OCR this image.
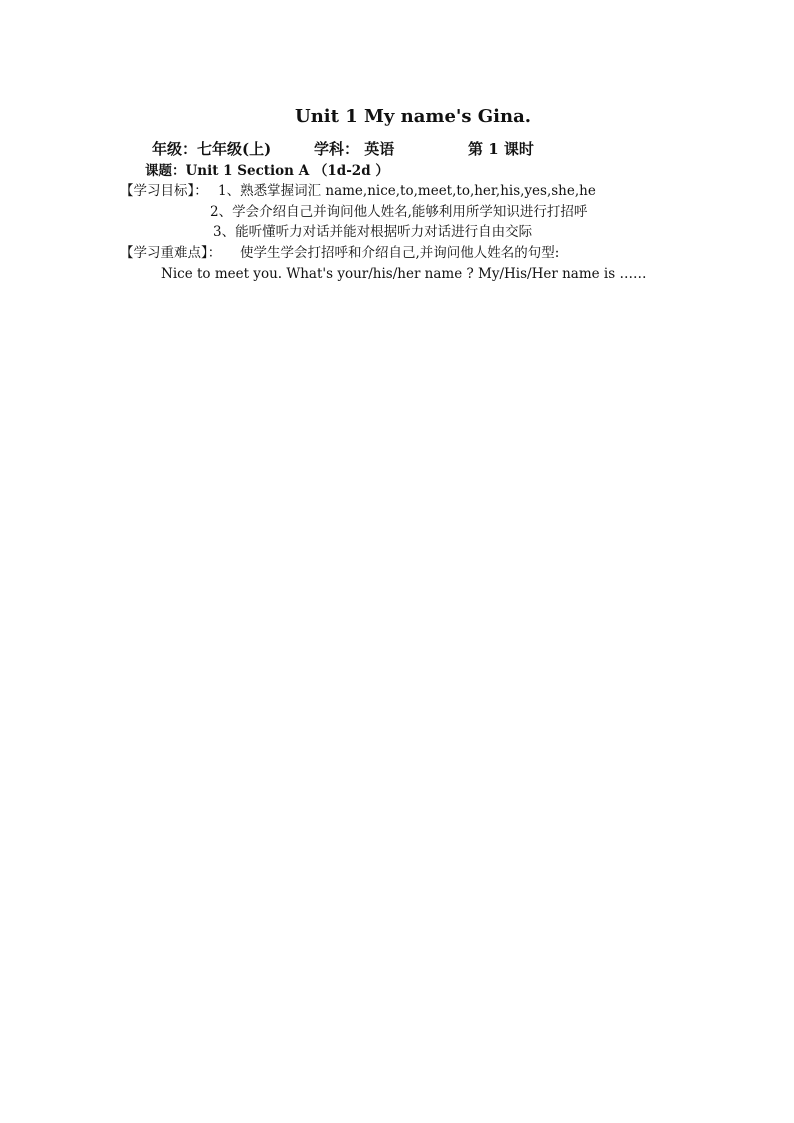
Unit 1 My name's Gina.
年级：七年级(上)	学科： 英语	第 1 课时
课题：Unit 1 Section A （1d-2d ）
【学习目标】： 1、熟悉掌握词汇 name,nice,to,meet,to,her,his,yes,she,he
2、学会介绍自己并询问他人姓名,能够利用所学知识进行打招呼
3、能听懂听力对话并能对根据听力对话进行自由交际
【学习重难点】： 使学生学会打招呼和介绍自己,并询问他人姓名的句型:
Nice to meet you. What's your/his/her name ? My/His/Her name is ……
